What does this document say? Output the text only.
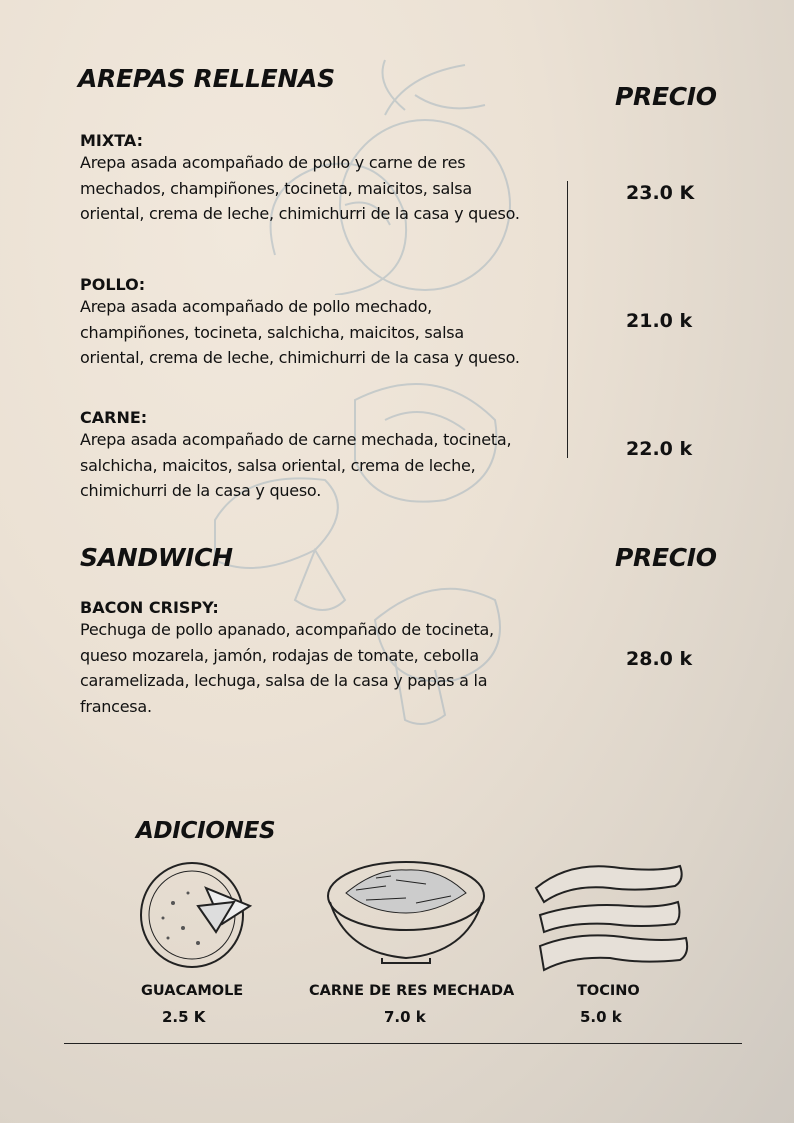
AREPAS RELLENAS
PRECIO

MIXTA:

Arepa asada acompañado de pollo y carne de res mechados, champiñones, tocineta, maicitos, salsa oriental, crema de leche, chimichurri de la casa y queso.

23.0 K

POLLO:

Arepa asada acompañado de pollo mechado, champiñones, tocineta, salchicha, maicitos, salsa oriental, crema de leche, chimichurri de la casa y queso.

21.0 k

CARNE:

Arepa asada acompañado de carne mechada, tocineta, salchicha, maicitos, salsa oriental, crema de leche, chimichurri de la casa y queso.

22.0 k
SANDWICH	PRECIO

BACON CRISPY:

Pechuga de pollo apanado, acompañado de tocineta, queso mozarela, jamón, rodajas de tomate, cebolla caramelizada, lechuga, salsa de la casa y papas a la francesa.

28.0 k
ADICIONES
GUACAMOLE
2.5 K
CARNE DE RES MECHADA
7.0 k
TOCINO
5.0 k
